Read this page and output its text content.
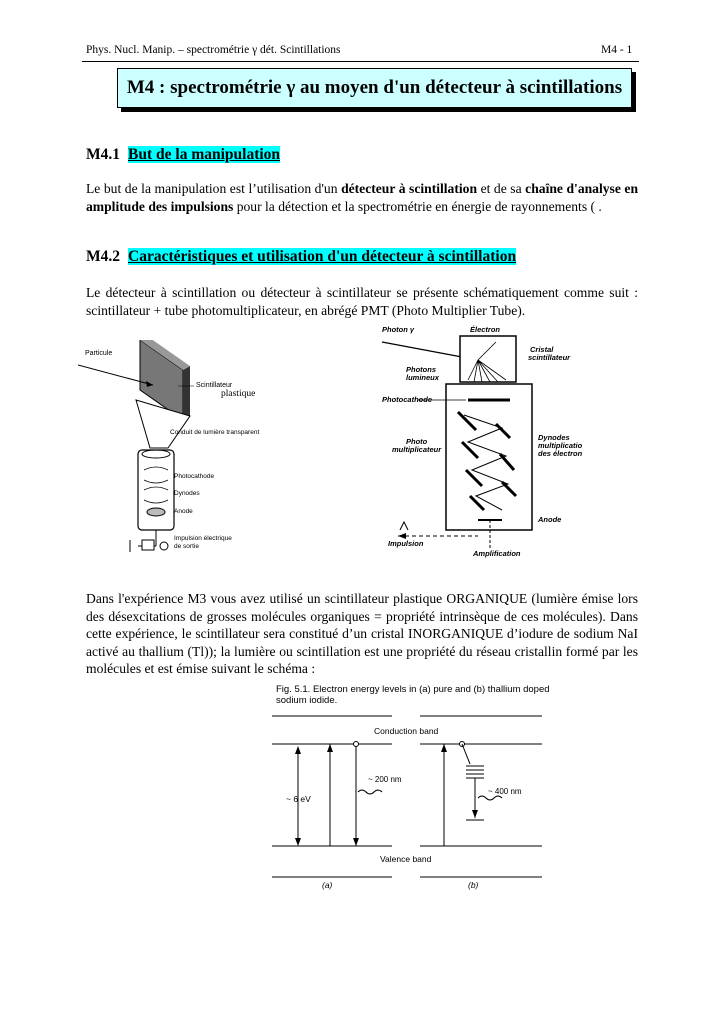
Phys. Nucl. Manip. – spectrométrie γ dét. Scintillations	M4 - 1
M4 : spectrométrie γ au moyen d'un détecteur à scintillations
M4.1 But de la manipulation
Le but de la manipulation est l’utilisation d'un détecteur à scintillation et de sa chaîne d'analyse en amplitude des impulsions pour la détection et la spectrométrie en énergie de rayonnements ( .
M4.2 Caractéristiques et utilisation d'un détecteur à scintillation
Le détecteur à scintillation ou détecteur à scintillateur se présente schématiquement comme suit : scintillateur + tube photomultiplicateur, en abrégé PMT (Photo Multiplier Tube).
Particule
Scintillateur
Conduit de lumière transparent
Photocathode
Dynodes
Anode
Impulsion électrique
de sortie
plastique
Photon γ	Électron
Cristal
scintillateur
Photons
lumineux
Photocathode
Photo
multiplicateur
Dynodes
multiplicatio
des électron
Anode
Impulsion
Amplification
Dans l'expérience M3 vous avez utilisé un scintillateur plastique ORGANIQUE (lumière émise lors des désexcitations de grosses molécules organiques = propriété intrinsèque de ces molécules). Dans cette expérience, le scintillateur sera constitué d’un cristal INORGANIQUE d’iodure de sodium NaI activé au thallium (Tl)); la lumière ou scintillation est une propriété du réseau cristallin formé par les molécules et est émise suivant le schéma :
Fig. 5.1. Electron energy levels in (a) pure and (b) thallium doped
sodium iodide.
Conduction band
Valence band
~ 6 eV
~ 200 nm
~ 400 nm
(a)	(b)
